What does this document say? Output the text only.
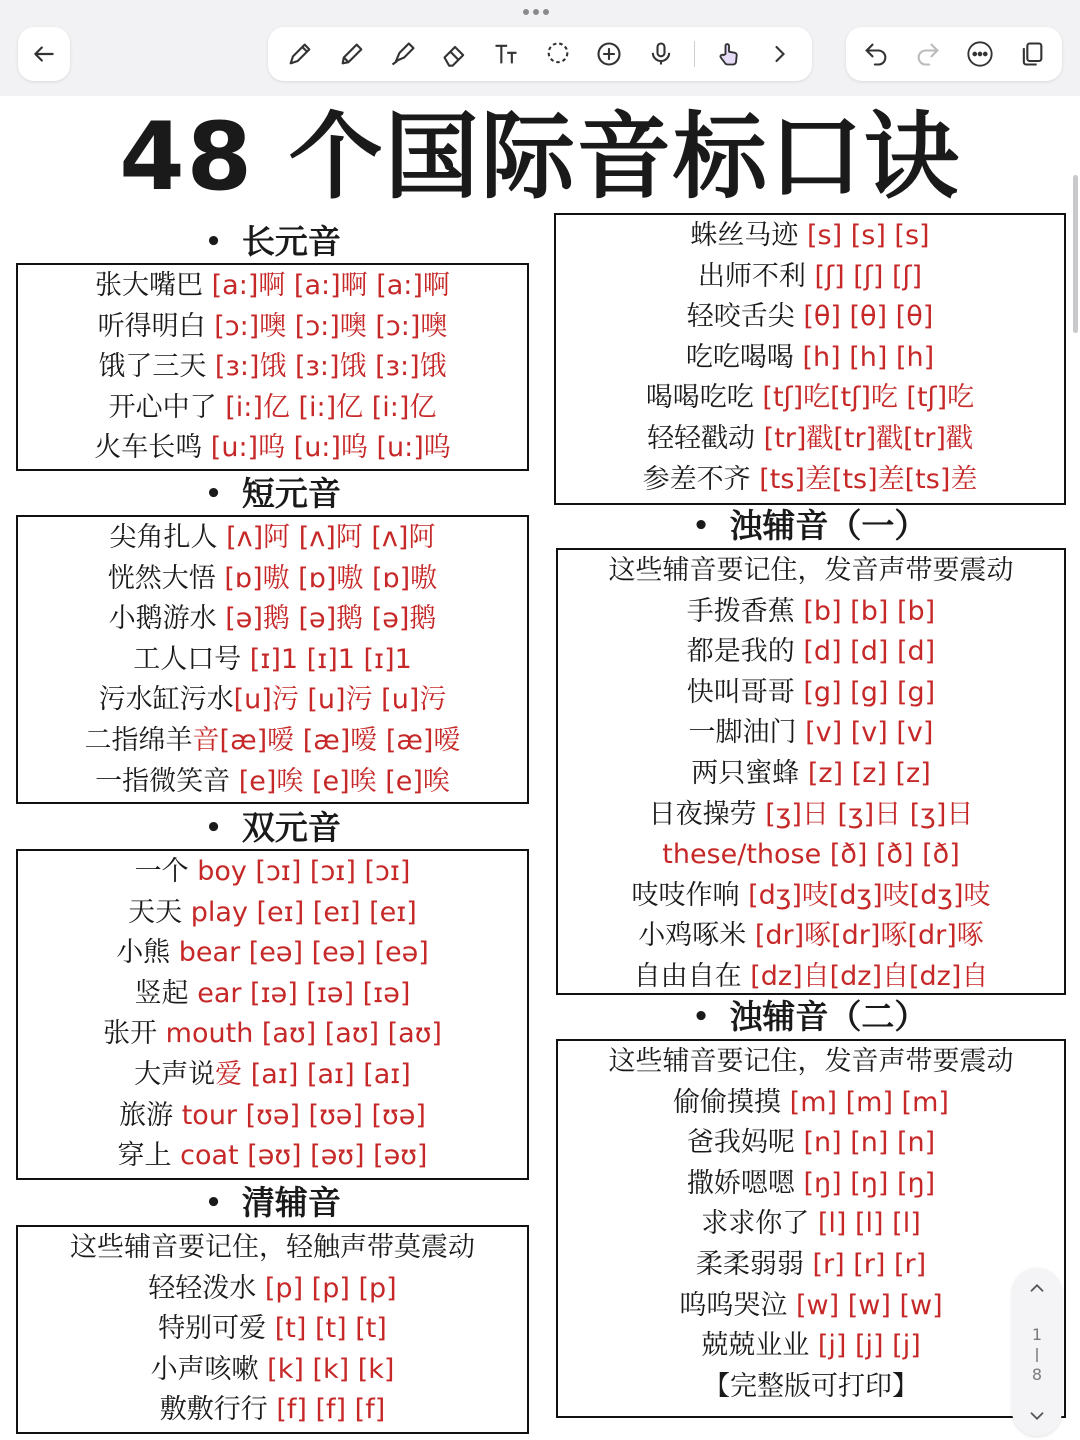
48 个国际音标口诀
• 长元音
张大嘴巴 [a:]啊 [a:]啊 [a:]啊
听得明白 [ɔ:]噢 [ɔ:]噢 [ɔ:]噢
饿了三天 [ɜ:]饿 [ɜ:]饿 [ɜ:]饿
开心中了 [i:]亿 [i:]亿 [i:]亿
火车长鸣 [u:]呜 [u:]呜 [u:]呜
• 短元音
尖角扎人 [ʌ]阿 [ʌ]阿 [ʌ]阿
恍然大悟 [ɒ]嗷 [ɒ]嗷 [ɒ]嗷
小鹅游水 [ə]鹅 [ə]鹅 [ə]鹅
工人口号 [ɪ]1 [ɪ]1 [ɪ]1
污水缸污水[u]污 [u]污 [u]污
二指绵羊音[æ]嗳 [æ]嗳 [æ]嗳
一指微笑音 [e]唉 [e]唉 [e]唉
• 双元音
一个 boy [ɔɪ] [ɔɪ] [ɔɪ]
天天 play [eɪ] [eɪ] [eɪ]
小熊 bear [eə] [eə] [eə]
竖起 ear [ɪə] [ɪə] [ɪə]
张开 mouth [aʊ] [aʊ] [aʊ]
大声说爱 [aɪ] [aɪ] [aɪ]
旅游 tour [ʊə] [ʊə] [ʊə]
穿上 coat [əʊ] [əʊ] [əʊ]
• 清辅音
这些辅音要记住，轻触声带莫震动
轻轻泼水 [p] [p] [p]
特别可爱 [t] [t] [t]
小声咳嗽 [k] [k] [k]
敷敷行行 [f] [f] [f]
蛛丝马迹 [s] [s] [s]
出师不利 [ʃ] [ʃ] [ʃ]
轻咬舌尖 [θ] [θ] [θ]
吃吃喝喝 [h] [h] [h]
喝喝吃吃 [tʃ]吃[tʃ]吃 [tʃ]吃
轻轻戳动 [tr]戳[tr]戳[tr]戳
参差不齐 [ts]差[ts]差[ts]差
• 浊辅音（一）
这些辅音要记住，发音声带要震动
手拨香蕉 [b] [b] [b]
都是我的 [d] [d] [d]
快叫哥哥 [g] [g] [g]
一脚油门 [v] [v] [v]
两只蜜蜂 [z] [z] [z]
日夜操劳 [ʒ]日 [ʒ]日 [ʒ]日
these/those [ð] [ð] [ð]
吱吱作响 [dʒ]吱[dʒ]吱[dʒ]吱
小鸡啄米 [dr]啄[dr]啄[dr]啄
自由自在 [dz]自[dz]自[dz]自
• 浊辅音（二）
这些辅音要记住，发音声带要震动
偷偷摸摸 [m] [m] [m]
爸我妈呢 [n] [n] [n]
撒娇嗯嗯 [ŋ] [ŋ] [ŋ]
求求你了 [l] [l] [l]
柔柔弱弱 [r] [r] [r]
呜呜哭泣 [w] [w] [w]
兢兢业业 [j] [j] [j]
【完整版可打印】
1
8
